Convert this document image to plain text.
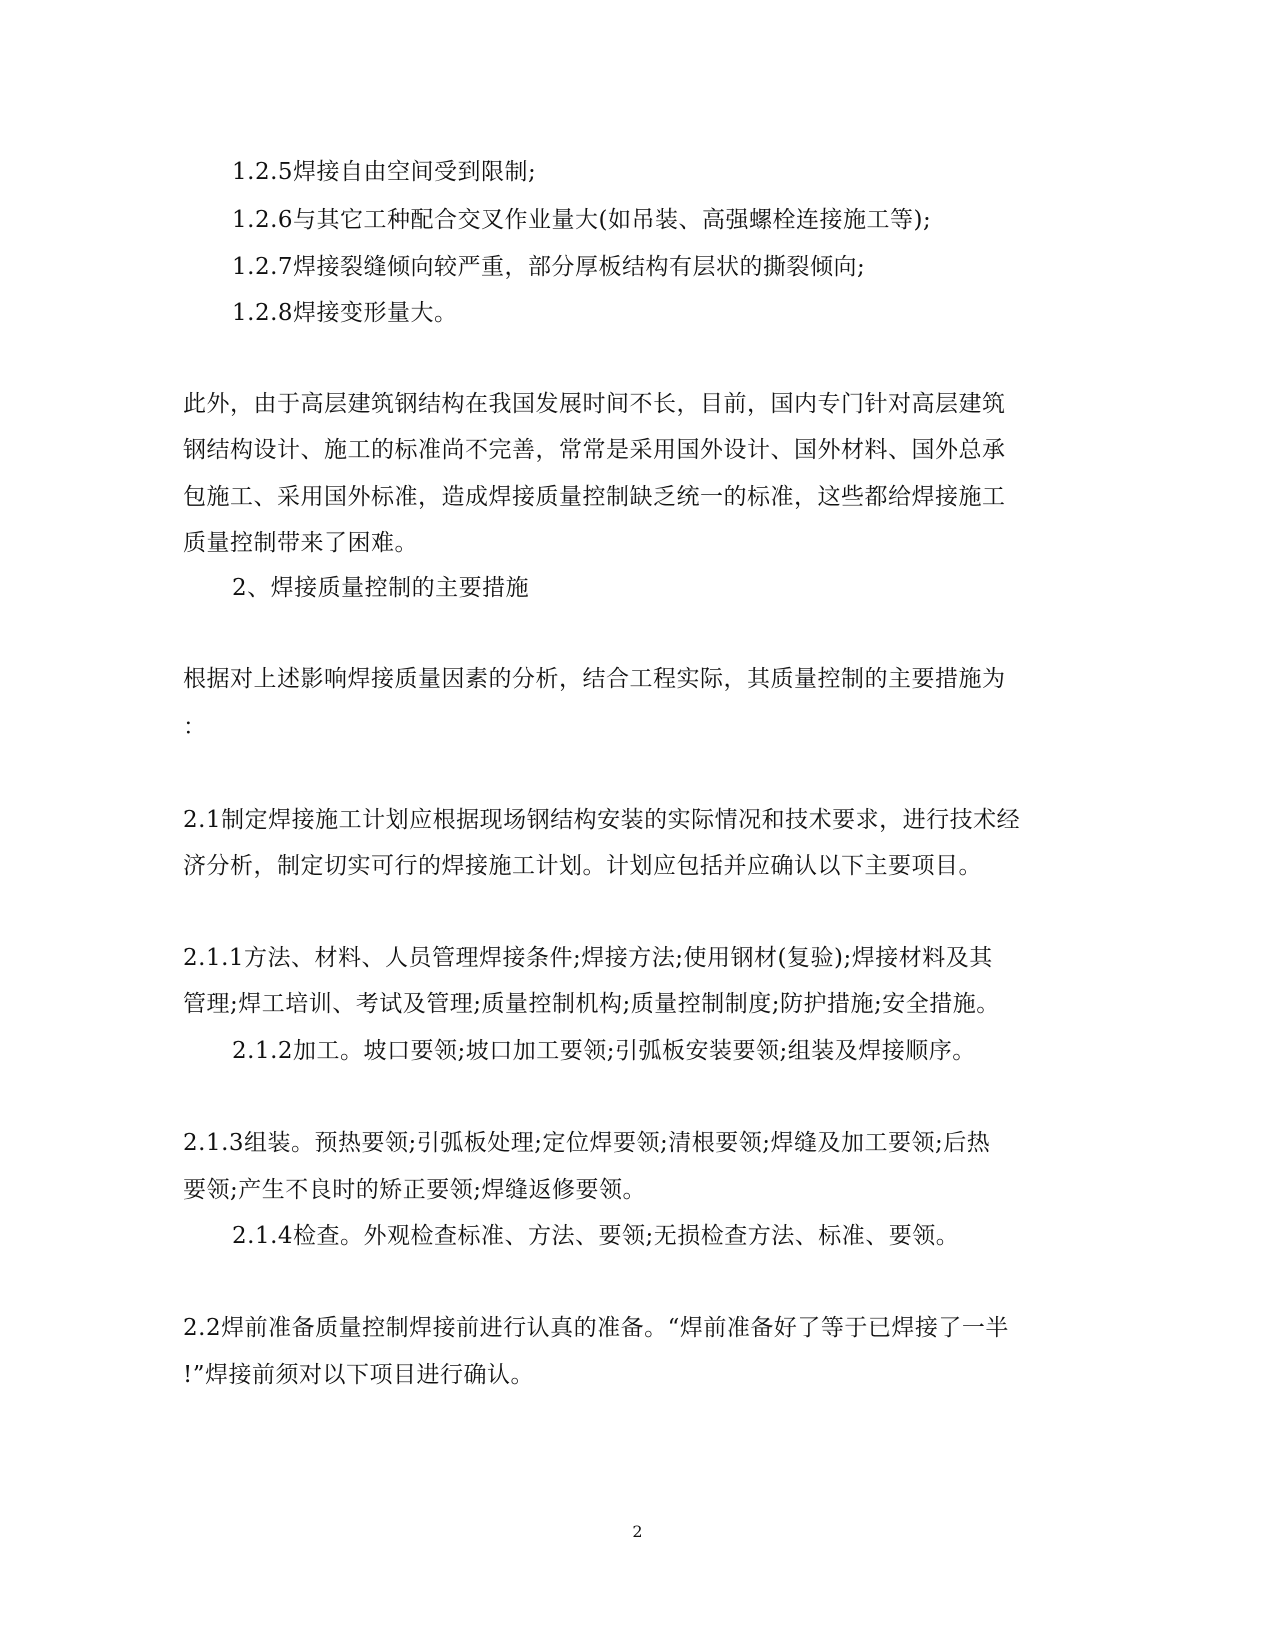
1.2.5焊接自由空间受到限制;
1.2.6与其它工种配合交叉作业量大(如吊装、高强螺栓连接施工等);
1.2.7焊接裂缝倾向较严重，部分厚板结构有层状的撕裂倾向;
1.2.8焊接变形量大。
此外，由于高层建筑钢结构在我国发展时间不长，目前，国内专门针对高层建筑
钢结构设计、施工的标准尚不完善，常常是采用国外设计、国外材料、国外总承
包施工、采用国外标准，造成焊接质量控制缺乏统一的标准，这些都给焊接施工
质量控制带来了困难。
2、焊接质量控制的主要措施
根据对上述影响焊接质量因素的分析，结合工程实际，其质量控制的主要措施为
：
2.1制定焊接施工计划应根据现场钢结构安装的实际情况和技术要求，进行技术经
济分析，制定切实可行的焊接施工计划。计划应包括并应确认以下主要项目。
2.1.1方法、材料、人员管理焊接条件;焊接方法;使用钢材(复验);焊接材料及其
管理;焊工培训、考试及管理;质量控制机构;质量控制制度;防护措施;安全措施。
2.1.2加工。坡口要领;坡口加工要领;引弧板安装要领;组装及焊接顺序。
2.1.3组装。预热要领;引弧板处理;定位焊要领;清根要领;焊缝及加工要领;后热
要领;产生不良时的矫正要领;焊缝返修要领。
2.1.4检查。外观检查标准、方法、要领;无损检查方法、标准、要领。
2.2焊前准备质量控制焊接前进行认真的准备。“焊前准备好了等于已焊接了一半
!”焊接前须对以下项目进行确认。
2
